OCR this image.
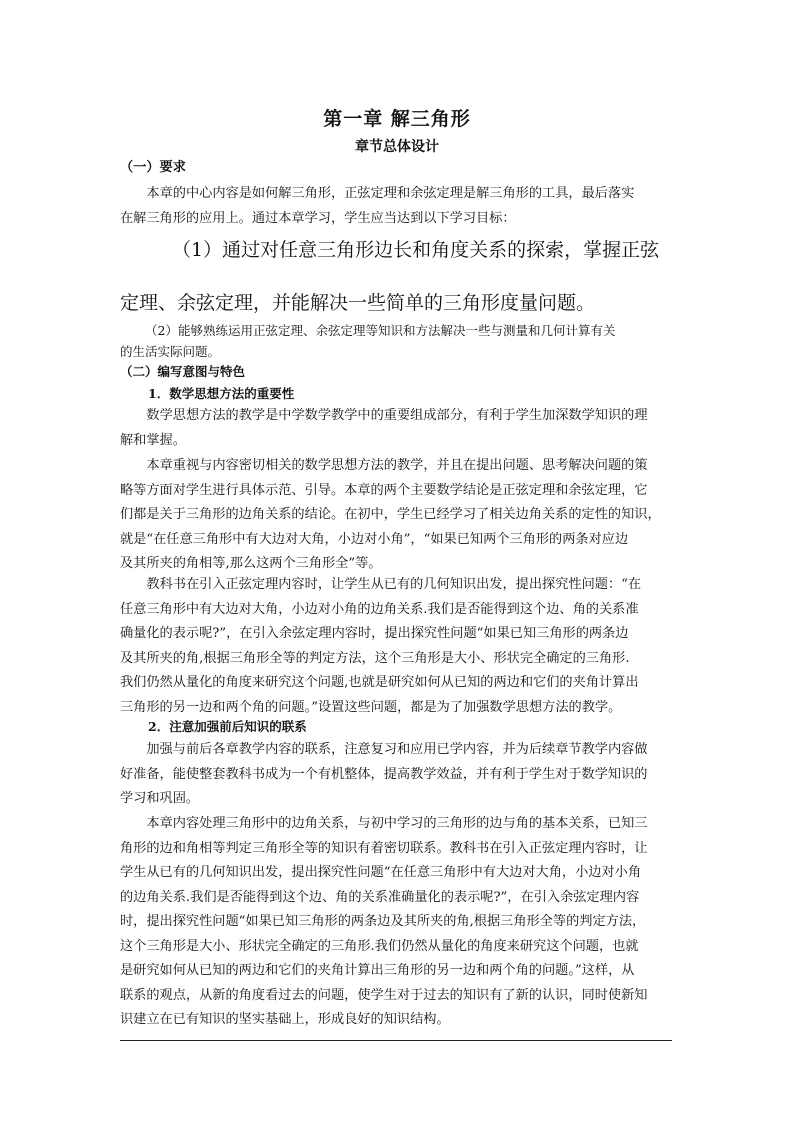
第一章 解三角形
章节总体设计
（一）要求
本章的中心内容是如何解三角形，正弦定理和余弦定理是解三角形的工具，最后落实
在解三角形的应用上。通过本章学习，学生应当达到以下学习目标：
（1）通过对任意三角形边长和角度关系的探索，掌握正弦
定理、余弦定理，并能解决一些简单的三角形度量问题。
（2）能够熟练运用正弦定理、余弦定理等知识和方法解决一些与测量和几何计算有关
的生活实际问题。
（二）编写意图与特色
1．数学思想方法的重要性
数学思想方法的教学是中学数学教学中的重要组成部分，有利于学生加深数学知识的理
解和掌握。
本章重视与内容密切相关的数学思想方法的教学，并且在提出问题、思考解决问题的策
略等方面对学生进行具体示范、引导。本章的两个主要数学结论是正弦定理和余弦定理，它
们都是关于三角形的边角关系的结论。在初中，学生已经学习了相关边角关系的定性的知识，
就是“在任意三角形中有大边对大角，小边对小角”，“如果已知两个三角形的两条对应边
及其所夹的角相等,那么这两个三角形全”等。
教科书在引入正弦定理内容时，让学生从已有的几何知识出发，提出探究性问题：“在
任意三角形中有大边对大角，小边对小角的边角关系.我们是否能得到这个边、角的关系准
确量化的表示呢?”，在引入余弦定理内容时，提出探究性问题“如果已知三角形的两条边
及其所夹的角,根据三角形全等的判定方法，这个三角形是大小、形状完全确定的三角形.
我们仍然从量化的角度来研究这个问题,也就是研究如何从已知的两边和它们的夹角计算出
三角形的另一边和两个角的问题。”设置这些问题，都是为了加强数学思想方法的教学。
2．注意加强前后知识的联系
加强与前后各章教学内容的联系，注意复习和应用已学内容，并为后续章节教学内容做
好准备，能使整套教科书成为一个有机整体，提高教学效益，并有利于学生对于数学知识的
学习和巩固。
本章内容处理三角形中的边角关系，与初中学习的三角形的边与角的基本关系，已知三
角形的边和角相等判定三角形全等的知识有着密切联系。教科书在引入正弦定理内容时，让
学生从已有的几何知识出发，提出探究性问题“在任意三角形中有大边对大角，小边对小角
的边角关系.我们是否能得到这个边、角的关系准确量化的表示呢?”，在引入余弦定理内容
时，提出探究性问题“如果已知三角形的两条边及其所夹的角,根据三角形全等的判定方法，
这个三角形是大小、形状完全确定的三角形.我们仍然从量化的角度来研究这个问题，也就
是研究如何从已知的两边和它们的夹角计算出三角形的另一边和两个角的问题。”这样，从
联系的观点，从新的角度看过去的问题，使学生对于过去的知识有了新的认识，同时使新知
识建立在已有知识的坚实基础上，形成良好的知识结构。
